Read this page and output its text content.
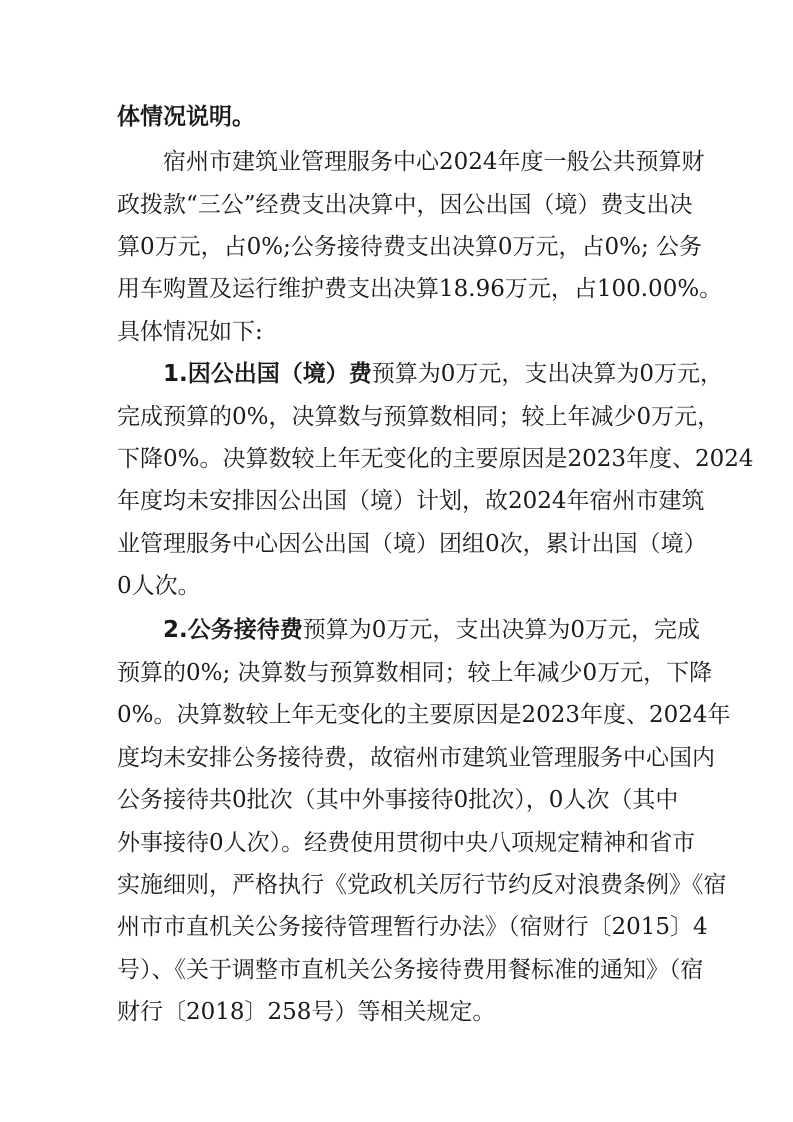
体情况说明。
宿州市建筑业管理服务中心2024年度一般公共预算财
政拨款“三公”经费支出决算中，因公出国（境）费支出决
算0万元，占0%;公务接待费支出决算0万元，占0%; 公务
用车购置及运行维护费支出决算18.96万元，占100.00%。
具体情况如下:
1.因公出国（境）费预算为0万元，支出决算为0万元，
完成预算的0%，决算数与预算数相同；较上年减少0万元，
下降0%。决算数较上年无变化的主要原因是2023年度、2024
年度均未安排因公出国（境）计划，故2024年宿州市建筑
业管理服务中心因公出国（境）团组0次，累计出国（境）
0人次。
2.公务接待费预算为0万元，支出决算为0万元，完成
预算的0%; 决算数与预算数相同；较上年减少0万元，下降
0%。决算数较上年无变化的主要原因是2023年度、2024年
度均未安排公务接待费，故宿州市建筑业管理服务中心国内
公务接待共0批次（其中外事接待0批次），0人次（其中
外事接待0人次）。经费使用贯彻中央八项规定精神和省市
实施细则，严格执行《党政机关厉行节约反对浪费条例》《宿
州市市直机关公务接待管理暂行办法》（宿财行〔2015〕4
号）、《关于调整市直机关公务接待费用餐标准的通知》（宿
财行〔2018〕258号）等相关规定。
